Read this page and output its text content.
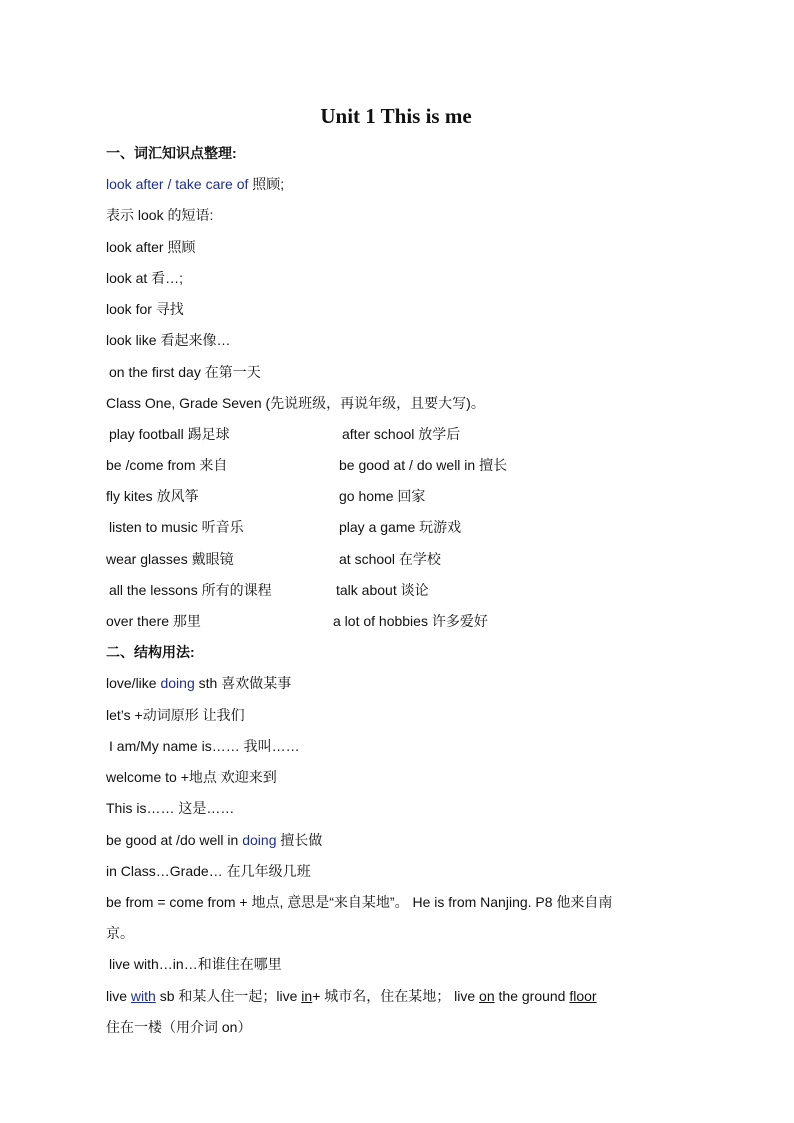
Unit 1 This is me
一、词汇知识点整理:
look after / take care of 照顾;
表示 look 的短语:
look after 照顾
look at 看…;
look for 寻找
look like 看起来像…
on the first day 在第一天
Class One, Grade Seven (先说班级，再说年级，且要大写)。
play football 踢足球	after school 放学后
be /come from 来自	be good at / do well in 擅长
fly kites 放风筝	go home 回家
listen to music 听音乐	play a game 玩游戏
wear glasses 戴眼镜	at school 在学校
all the lessons 所有的课程	talk about 谈论
over there 那里	a lot of hobbies 许多爱好
二、结构用法:
love/like doing sth 喜欢做某事
let’s +动词原形 让我们
I am/My name is…… 我叫……
welcome to +地点 欢迎来到
This is…… 这是……
be good at /do well in doing 擅长做
in Class…Grade… 在几年级几班
be from = come from + 地点, 意思是“来自某地”。 He is from Nanjing. P8 他来自南
京。
live with…in…和谁住在哪里
live with sb 和某人住一起；live in+ 城市名，住在某地； live on the ground floor
住在一楼（用介词 on）
